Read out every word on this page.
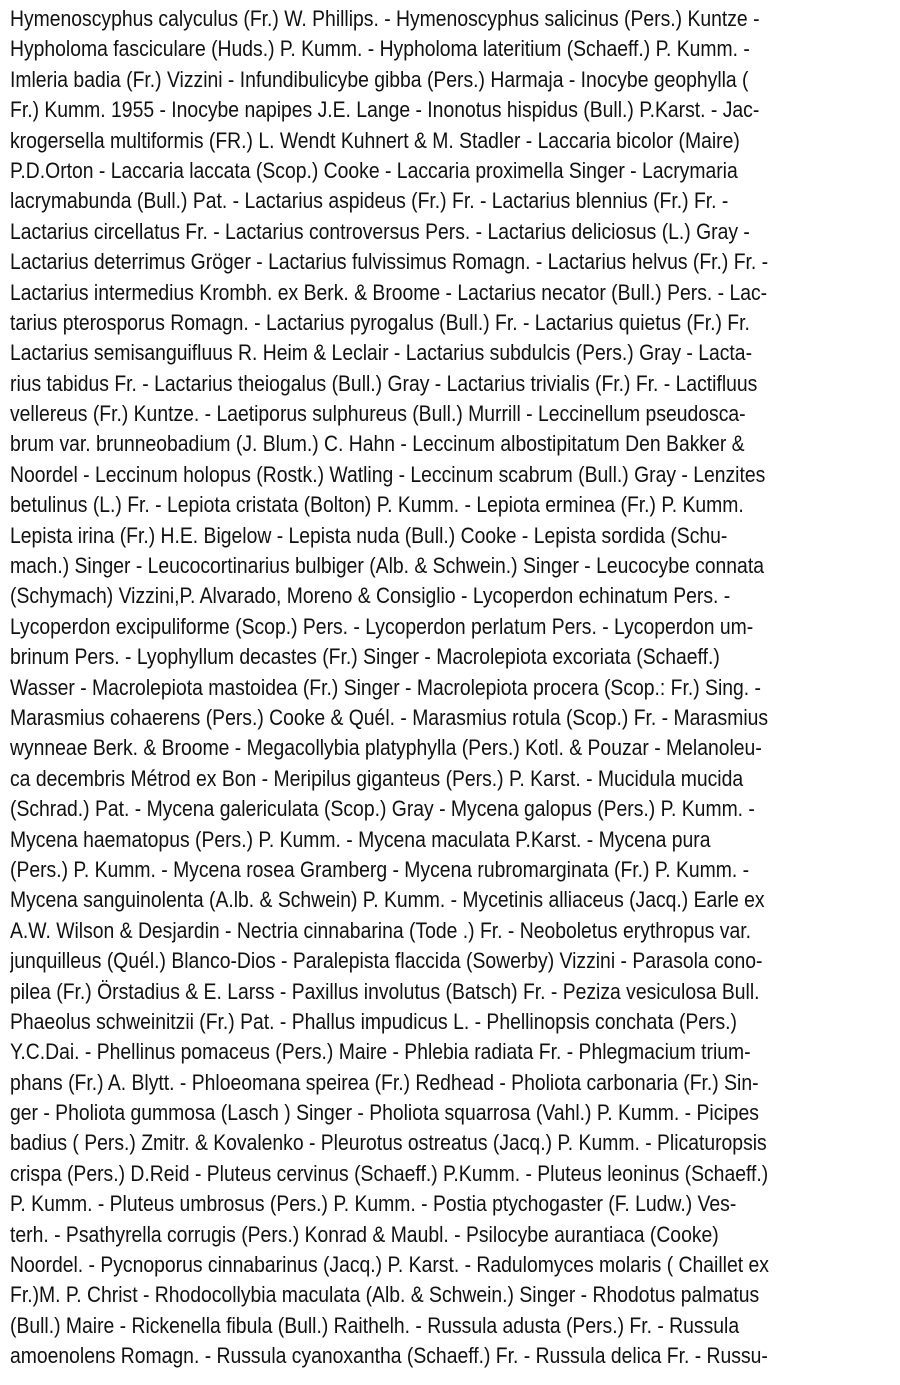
Hymenoscyphus calyculus (Fr.) W. Phillips. - Hymenoscyphus salicinus (Pers.) Kuntze -
Hypholoma fasciculare (Huds.) P. Kumm. - Hypholoma lateritium (Schaeff.) P. Kumm. -
Imleria badia (Fr.) Vizzini - Infundibulicybe gibba (Pers.) Harmaja - Inocybe geophylla (
Fr.) Kumm. 1955 - Inocybe napipes J.E. Lange - Inonotus hispidus (Bull.) P.Karst. - Jac-
krogersella multiformis (FR.) L. Wendt Kuhnert & M. Stadler - Laccaria bicolor (Maire)
P.D.Orton - Laccaria laccata (Scop.) Cooke - Laccaria proximella Singer - Lacrymaria
lacrymabunda (Bull.) Pat. - Lactarius aspideus (Fr.) Fr. - Lactarius blennius (Fr.) Fr. -
Lactarius circellatus Fr. - Lactarius controversus Pers. - Lactarius deliciosus (L.) Gray -
Lactarius deterrimus Gröger - Lactarius fulvissimus Romagn. - Lactarius helvus (Fr.) Fr. -
Lactarius intermedius Krombh. ex Berk. & Broome - Lactarius necator (Bull.) Pers. - Lac-
tarius pterosporus Romagn. - Lactarius pyrogalus (Bull.) Fr. - Lactarius quietus (Fr.) Fr.
Lactarius semisanguifluus R. Heim & Leclair - Lactarius subdulcis (Pers.) Gray - Lacta-
rius tabidus Fr. - Lactarius theiogalus (Bull.) Gray - Lactarius trivialis (Fr.) Fr. - Lactifluus
vellereus (Fr.) Kuntze. - Laetiporus sulphureus (Bull.) Murrill - Leccinellum pseudosca-
brum var. brunneobadium (J. Blum.) C. Hahn - Leccinum albostipitatum Den Bakker &
Noordel - Leccinum holopus (Rostk.) Watling - Leccinum scabrum (Bull.) Gray - Lenzites
betulinus (L.) Fr. - Lepiota cristata (Bolton) P. Kumm. - Lepiota erminea (Fr.) P. Kumm.
Lepista irina (Fr.) H.E. Bigelow - Lepista nuda (Bull.) Cooke - Lepista sordida (Schu-
mach.) Singer - Leucocortinarius bulbiger (Alb. & Schwein.) Singer - Leucocybe connata
(Schymach) Vizzini,P. Alvarado, Moreno & Consiglio - Lycoperdon echinatum Pers. -
Lycoperdon excipuliforme (Scop.) Pers. - Lycoperdon perlatum Pers. - Lycoperdon um-
brinum Pers. - Lyophyllum decastes (Fr.) Singer - Macrolepiota excoriata (Schaeff.)
Wasser - Macrolepiota mastoidea (Fr.) Singer - Macrolepiota procera (Scop.: Fr.) Sing. -
Marasmius cohaerens (Pers.) Cooke & Quél. - Marasmius rotula (Scop.) Fr. - Marasmius
wynneae Berk. & Broome - Megacollybia platyphylla (Pers.) Kotl. & Pouzar - Melanoleu-
ca decembris Métrod ex Bon - Meripilus giganteus (Pers.) P. Karst. - Mucidula mucida
(Schrad.) Pat. - Mycena galericulata (Scop.) Gray - Mycena galopus (Pers.) P. Kumm. -
Mycena haematopus (Pers.) P. Kumm. - Mycena maculata P.Karst. - Mycena pura
(Pers.) P. Kumm. - Mycena rosea Gramberg - Mycena rubromarginata (Fr.) P. Kumm. -
Mycena sanguinolenta (A.lb. & Schwein) P. Kumm. - Mycetinis alliaceus (Jacq.) Earle ex
A.W. Wilson & Desjardin - Nectria cinnabarina (Tode .) Fr. - Neoboletus erythropus var.
junquilleus (Quél.) Blanco-Dios - Paralepista flaccida (Sowerby) Vizzini - Parasola cono-
pilea (Fr.) Örstadius & E. Larss - Paxillus involutus (Batsch) Fr. - Peziza vesiculosa Bull.
Phaeolus schweinitzii (Fr.) Pat. - Phallus impudicus L. - Phellinopsis conchata (Pers.)
Y.C.Dai. - Phellinus pomaceus (Pers.) Maire - Phlebia radiata Fr. - Phlegmacium trium-
phans (Fr.) A. Blytt. - Phloeomana speirea (Fr.) Redhead - Pholiota carbonaria (Fr.) Sin-
ger - Pholiota gummosa (Lasch ) Singer - Pholiota squarrosa (Vahl.) P. Kumm. - Picipes
badius ( Pers.) Zmitr. & Kovalenko - Pleurotus ostreatus (Jacq.) P. Kumm. - Plicaturopsis
crispa (Pers.) D.Reid - Pluteus cervinus (Schaeff.) P.Kumm. - Pluteus leoninus (Schaeff.)
P. Kumm. - Pluteus umbrosus (Pers.) P. Kumm. - Postia ptychogaster (F. Ludw.) Ves-
terh. - Psathyrella corrugis (Pers.) Konrad & Maubl. - Psilocybe aurantiaca (Cooke)
Noordel. - Pycnoporus cinnabarinus (Jacq.) P. Karst. - Radulomyces molaris ( Chaillet ex
Fr.)M. P. Christ - Rhodocollybia maculata (Alb. & Schwein.) Singer - Rhodotus palmatus
(Bull.) Maire - Rickenella fibula (Bull.) Raithelh. - Russula adusta (Pers.) Fr. - Russula
amoenolens Romagn. - Russula cyanoxantha (Schaeff.) Fr. - Russula delica Fr. - Russu-
